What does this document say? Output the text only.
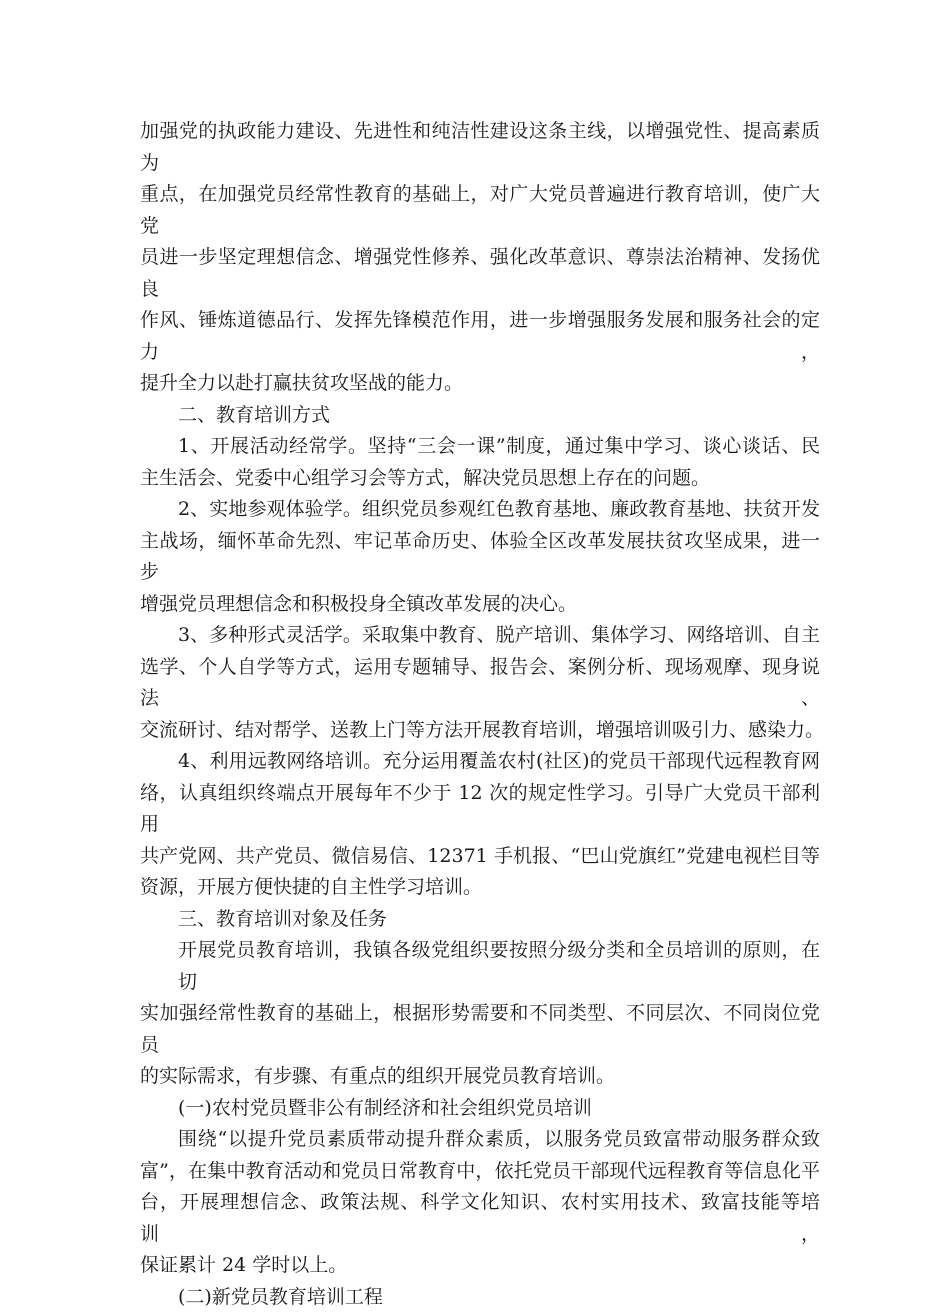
加强党的执政能力建设、先进性和纯洁性建设这条主线，以增强党性、提高素质为
重点，在加强党员经常性教育的基础上，对广大党员普遍进行教育培训，使广大党
员进一步坚定理想信念、增强党性修养、强化改革意识、尊崇法治精神、发扬优良
作风、锤炼道德品行、发挥先锋模范作用，进一步增强服务发展和服务社会的定力，
提升全力以赴打赢扶贫攻坚战的能力。
二、教育培训方式
1、开展活动经常学。坚持“三会一课”制度，通过集中学习、谈心谈话、民
主生活会、党委中心组学习会等方式，解决党员思想上存在的问题。
2、实地参观体验学。组织党员参观红色教育基地、廉政教育基地、扶贫开发
主战场，缅怀革命先烈、牢记革命历史、体验全区改革发展扶贫攻坚成果，进一步
增强党员理想信念和积极投身全镇改革发展的决心。
3、多种形式灵活学。采取集中教育、脱产培训、集体学习、网络培训、自主
选学、个人自学等方式，运用专题辅导、报告会、案例分析、现场观摩、现身说法、
交流研讨、结对帮学、送教上门等方法开展教育培训，增强培训吸引力、感染力。
4、利用远教网络培训。充分运用覆盖农村(社区)的党员干部现代远程教育网
络，认真组织终端点开展每年不少于 12 次的规定性学习。引导广大党员干部利用
共产党网、共产党员、微信易信、12371 手机报、“巴山党旗红”党建电视栏目等
资源，开展方便快捷的自主性学习培训。
三、教育培训对象及任务
开展党员教育培训，我镇各级党组织要按照分级分类和全员培训的原则，在切
实加强经常性教育的基础上，根据形势需要和不同类型、不同层次、不同岗位党员
的实际需求，有步骤、有重点的组织开展党员教育培训。
(一)农村党员暨非公有制经济和社会组织党员培训
围绕“以提升党员素质带动提升群众素质，以服务党员致富带动服务群众致
富”，在集中教育活动和党员日常教育中，依托党员干部现代远程教育等信息化平
台，开展理想信念、政策法规、科学文化知识、农村实用技术、致富技能等培训，
保证累计 24 学时以上。
(二)新党员教育培训工程
